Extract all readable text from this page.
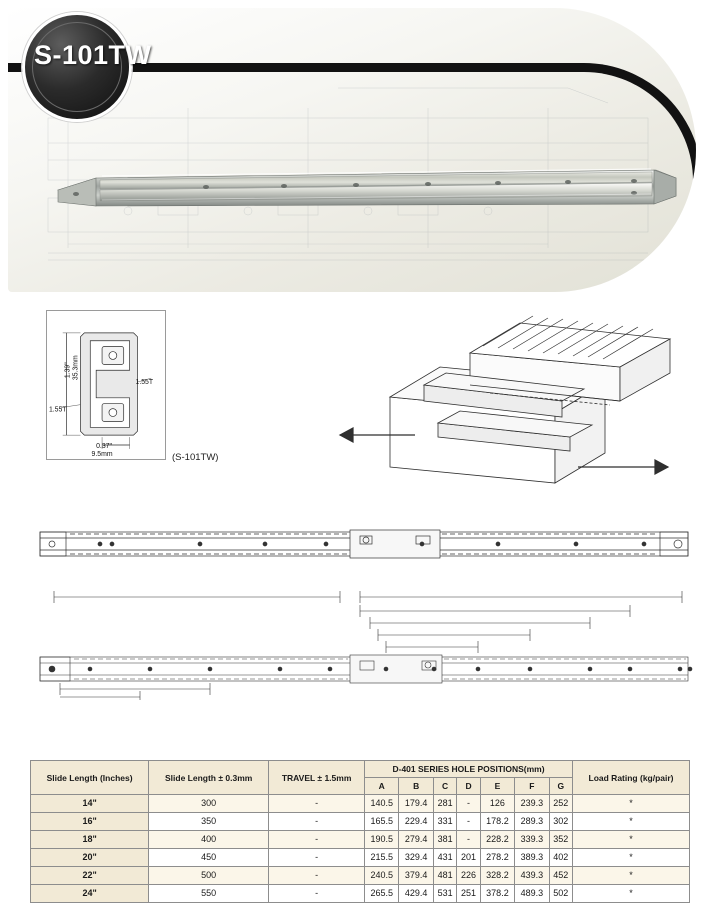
S-101TW
1.39" 35.3mm
9.5mm
0.37"
1.55T
1.55T
(S-101TW)
Slide Length (Inches)	Slide Length ± 0.3mm	TRAVEL ± 1.5mm	D-401 SERIES HOLE POSITIONS(mm)							Load Rating (kg/pair)
			A	B	C	D	E	F	G	
14"	300	-	140.5	179.4	281	-	126	239.3	252	*
16"	350	-	165.5	229.4	331	-	178.2	289.3	302	*
18"	400	-	190.5	279.4	381	-	228.2	339.3	352	*
20"	450	-	215.5	329.4	431	201	278.2	389.3	402	*
22"	500	-	240.5	379.4	481	226	328.2	439.3	452	*
24"	550	-	265.5	429.4	531	251	378.2	489.3	502	*
